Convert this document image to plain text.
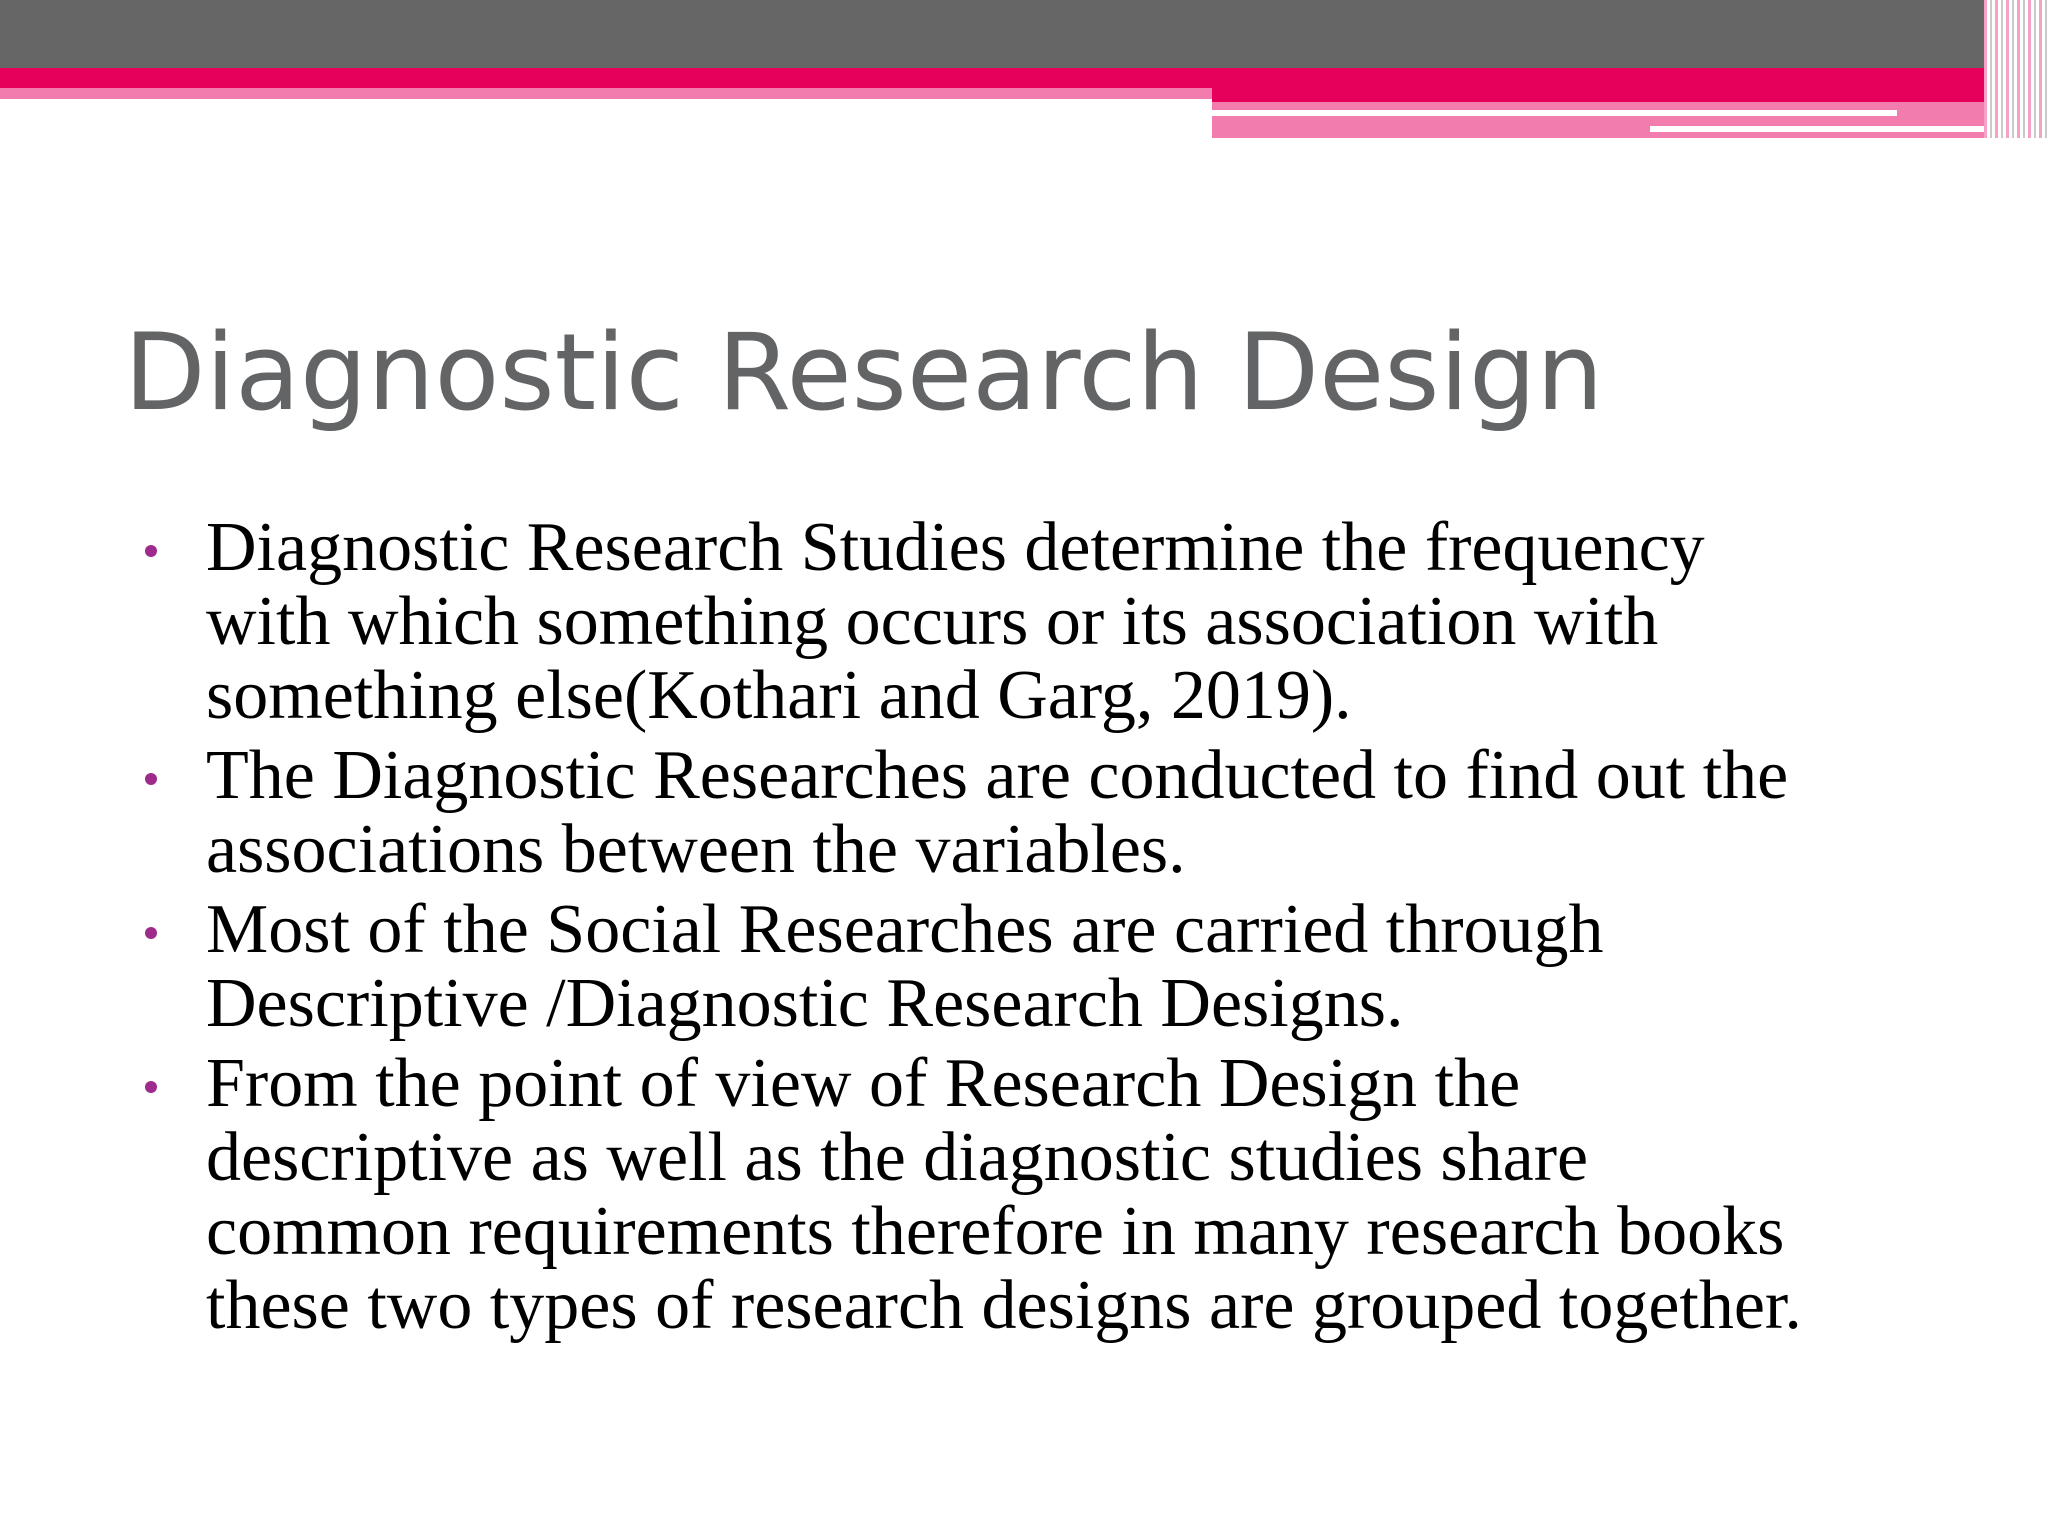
Diagnostic Research Design
Diagnostic Research Studies determine the frequency
with which something occurs or its association with
something else(Kothari and Garg, 2019).
The Diagnostic Researches are conducted to find out the
associations between the variables.
Most of the Social Researches are carried through
Descriptive /Diagnostic Research Designs.
From the point of view of Research Design the
descriptive as well as the diagnostic studies share
common requirements therefore in many research books
these two types of research designs are grouped together.
